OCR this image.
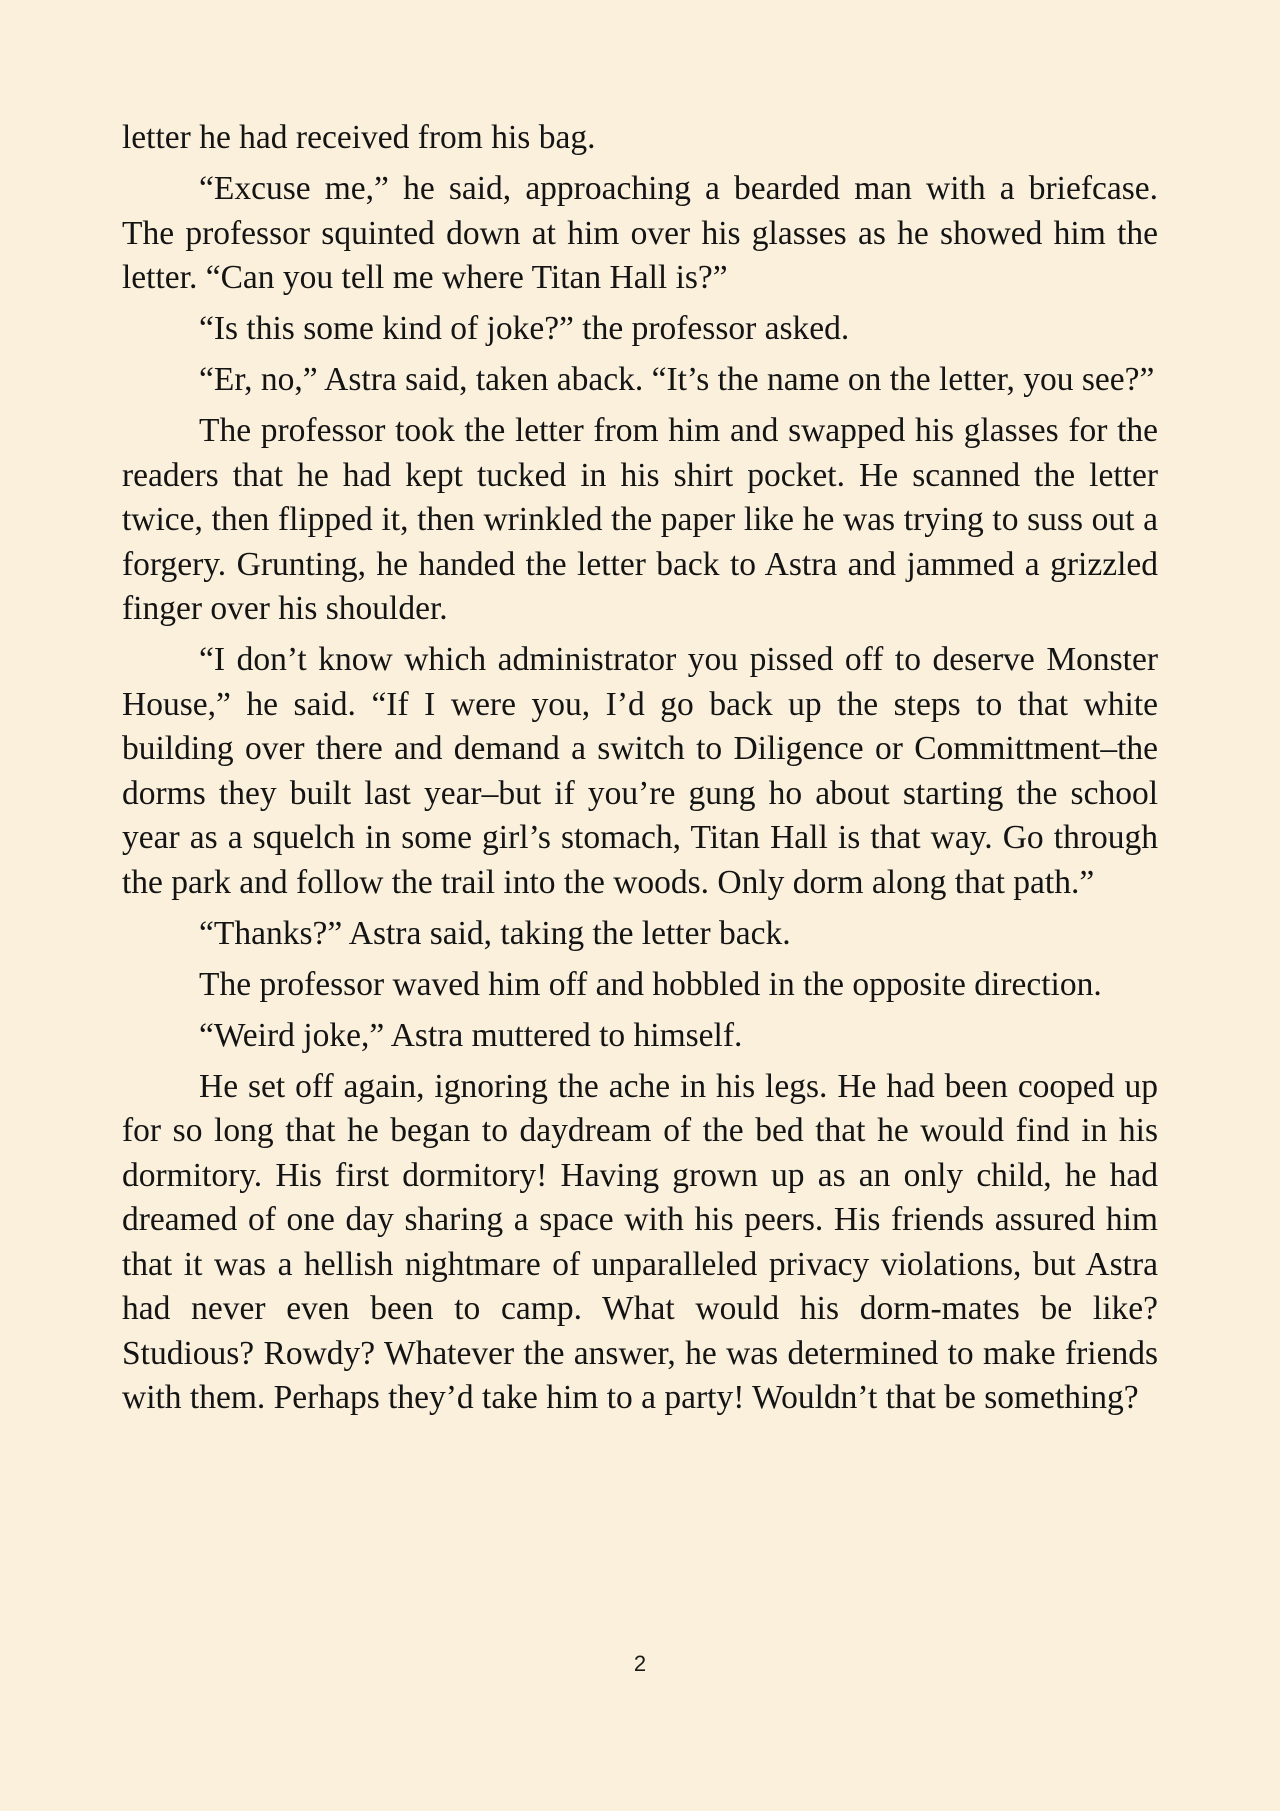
letter he had received from his bag.

“Excuse me,” he said, approaching a bearded man with a briefcase. The professor squinted down at him over his glasses as he showed him the letter. “Can you tell me where Titan Hall is?”

“Is this some kind of joke?” the professor asked.

“Er, no,” Astra said, taken aback. “It’s the name on the letter, you see?”

The professor took the letter from him and swapped his glasses for the readers that he had kept tucked in his shirt pocket. He scanned the letter twice, then flipped it, then wrinkled the paper like he was trying to suss out a forgery. Grunting, he handed the letter back to Astra and jammed a grizzled finger over his shoulder.

“I don’t know which administrator you pissed off to deserve Monster House,” he said. “If I were you, I’d go back up the steps to that white building over there and demand a switch to Diligence or Committment–the dorms they built last year–but if you’re gung ho about starting the school year as a squelch in some girl’s stomach, Titan Hall is that way. Go through the park and follow the trail into the woods. Only dorm along that path.”

“Thanks?” Astra said, taking the letter back.

The professor waved him off and hobbled in the opposite direction.

“Weird joke,” Astra muttered to himself.

He set off again, ignoring the ache in his legs. He had been cooped up for so long that he began to daydream of the bed that he would find in his dormitory. His first dormitory! Having grown up as an only child, he had dreamed of one day sharing a space with his peers. His friends assured him that it was a hellish nightmare of unparalleled privacy violations, but Astra had never even been to camp. What would his dorm-mates be like? Studious? Rowdy? Whatever the answer, he was determined to make friends with them. Perhaps they’d take him to a party! Wouldn’t that be something?

2
